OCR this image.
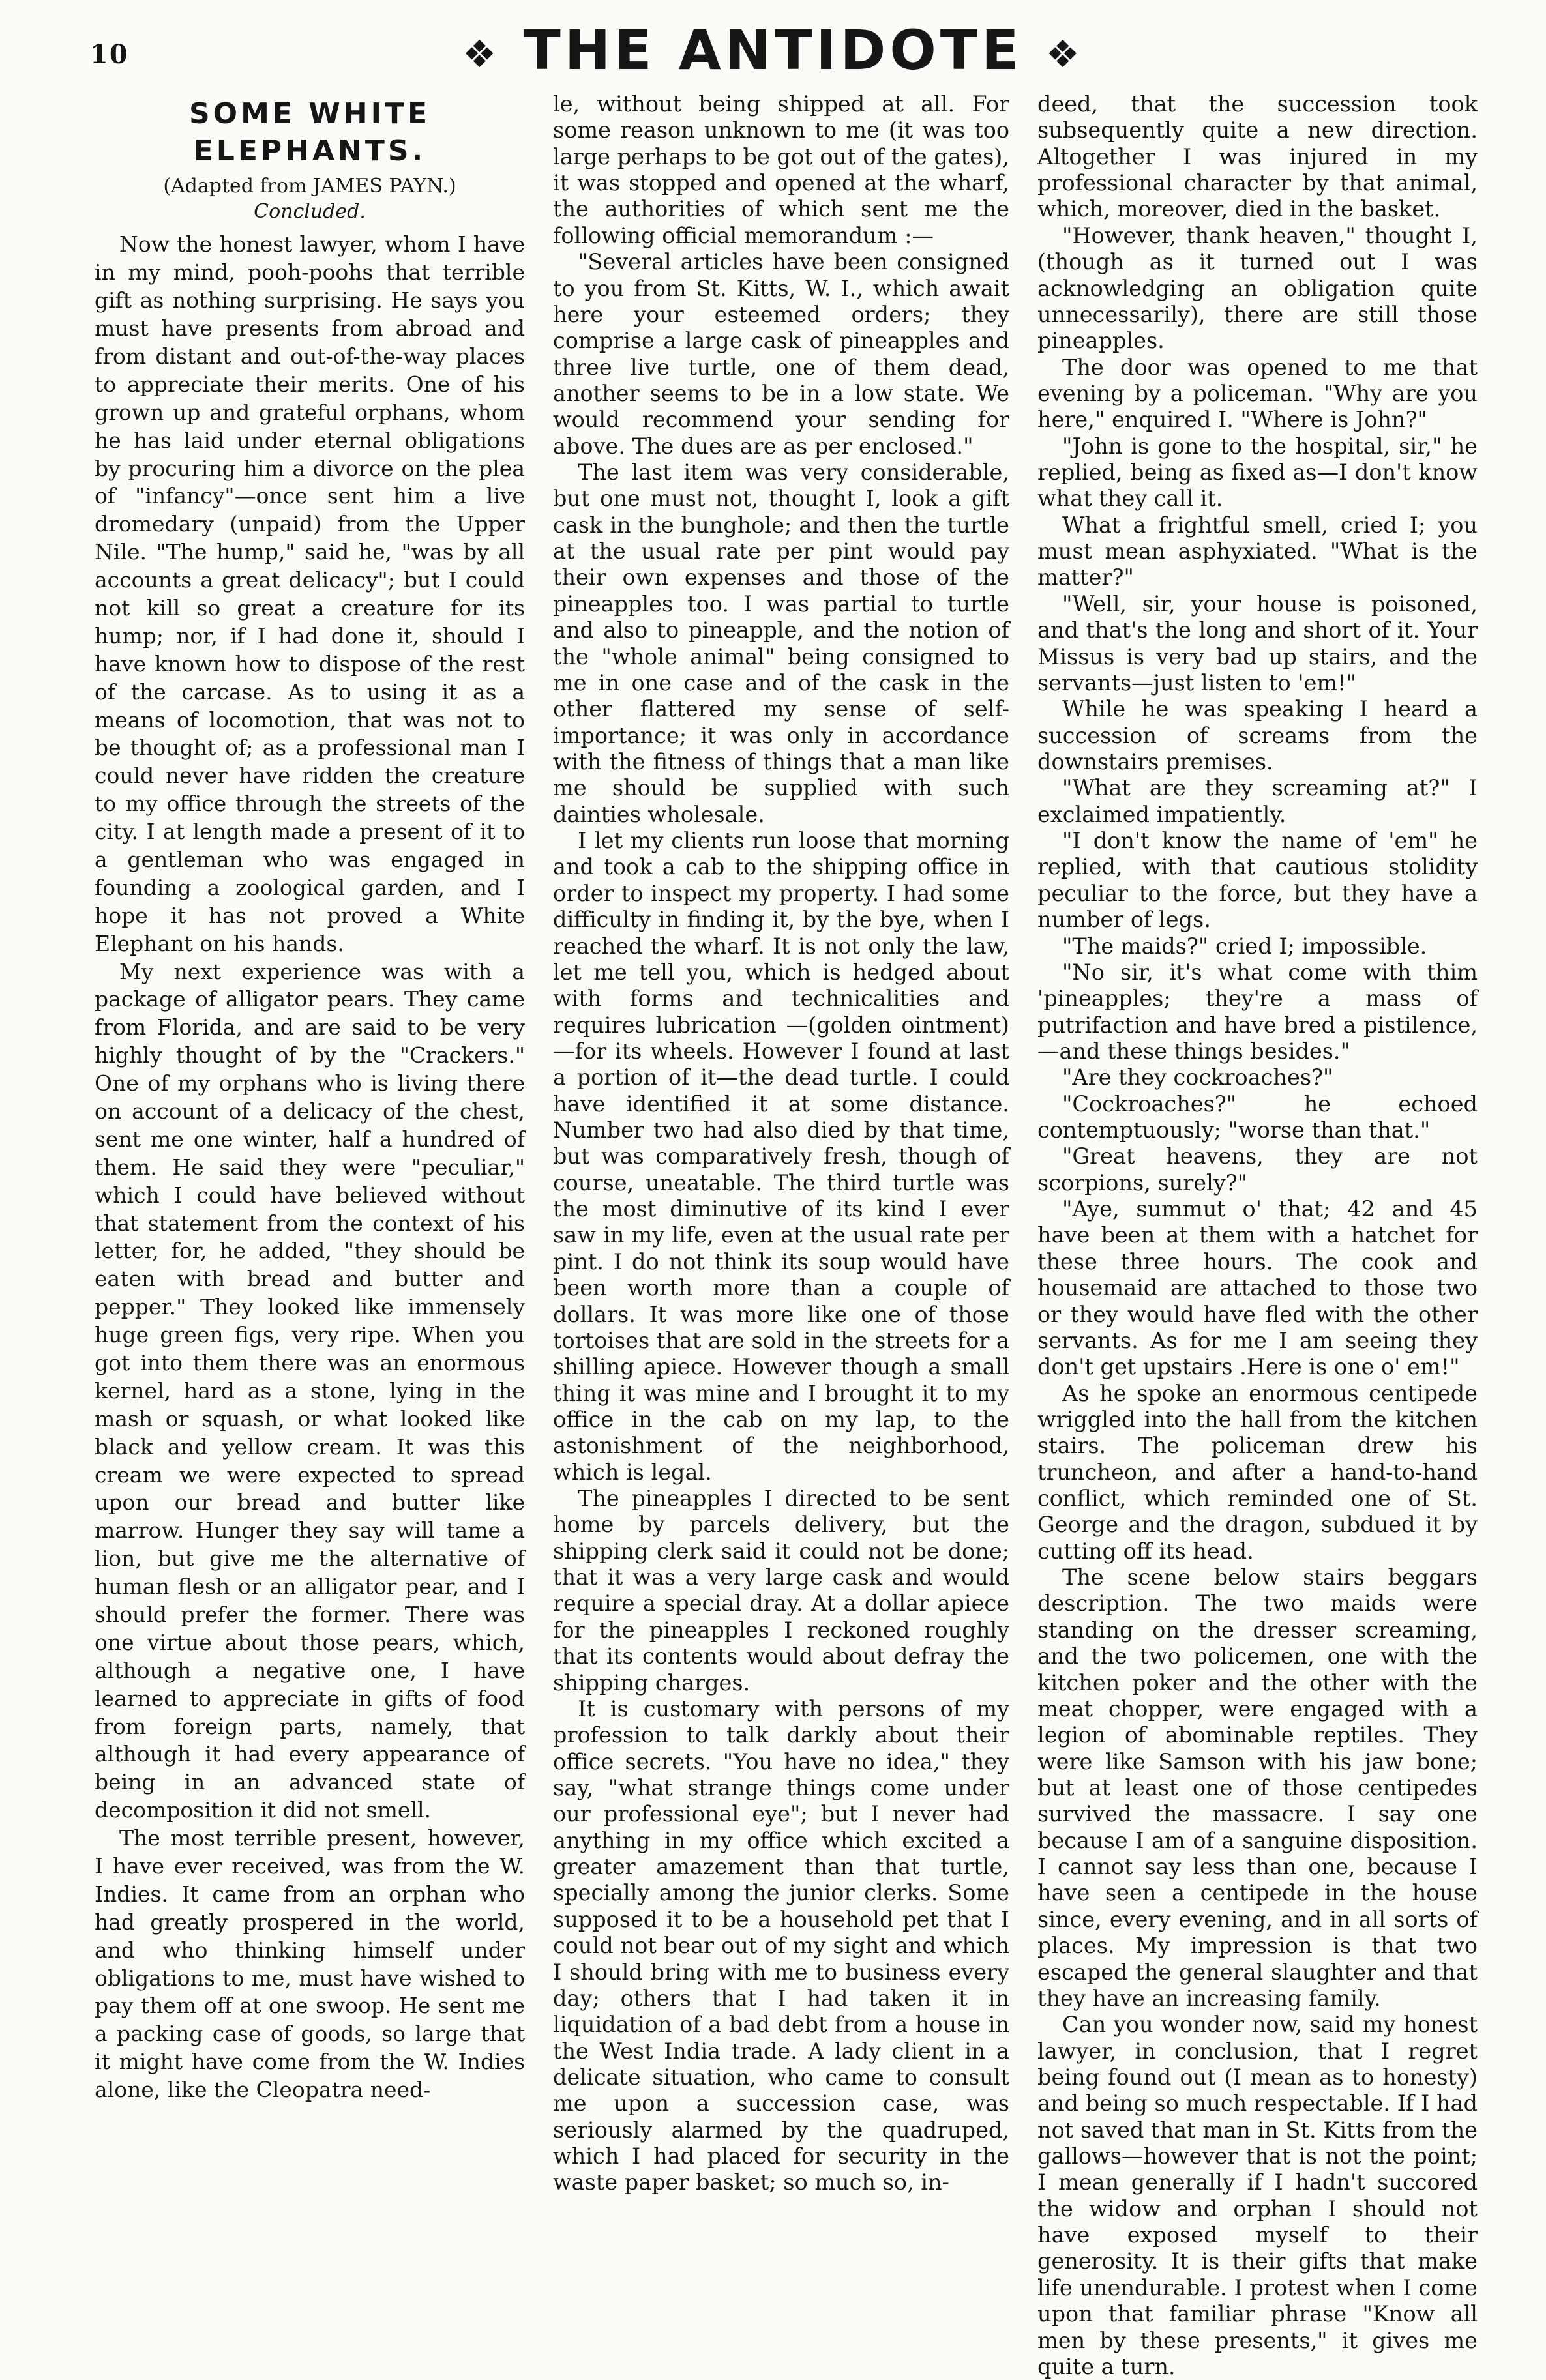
10	❖ THE ANTIDOTE ❖
SOME WHITE ELEPHANTS.
(Adapted from JAMES PAYN.)
Concluded.

Now the honest lawyer, whom I have in my mind, pooh-poohs that terrible gift as nothing surprising. He says you must have presents from abroad and from distant and out-of-the-way places to appreciate their merits. One of his grown up and grateful orphans, whom he has laid under eternal obligations by procuring him a divorce on the plea of "infancy"—once sent him a live dromedary (unpaid) from the Upper Nile. "The hump," said he, "was by all accounts a great delicacy"; but I could not kill so great a creature for its hump; nor, if I had done it, should I have known how to dispose of the rest of the carcase. As to using it as a means of locomotion, that was not to be thought of; as a professional man I could never have ridden the creature to my office through the streets of the city. I at length made a present of it to a gentleman who was engaged in founding a zoological garden, and I hope it has not proved a White Elephant on his hands.

My next experience was with a package of alligator pears. They came from Florida, and are said to be very highly thought of by the "Crackers." One of my orphans who is living there on account of a delicacy of the chest, sent me one winter, half a hundred of them. He said they were "peculiar," which I could have believed without that statement from the context of his letter, for, he added, "they should be eaten with bread and butter and pepper." They looked like immensely huge green figs, very ripe. When you got into them there was an enormous kernel, hard as a stone, lying in the mash or squash, or what looked like black and yellow cream. It was this cream we were expected to spread upon our bread and butter like marrow. Hunger they say will tame a lion, but give me the alternative of human flesh or an alligator pear, and I should prefer the former. There was one virtue about those pears, which, although a negative one, I have learned to appreciate in gifts of food from foreign parts, namely, that although it had every appearance of being in an advanced state of decomposition it did not smell.

The most terrible present, however, I have ever received, was from the W. Indies. It came from an orphan who had greatly prospered in the world, and who thinking himself under obligations to me, must have wished to pay them off at one swoop. He sent me a packing case of goods, so large that it might have come from the W. Indies alone, like the Cleopatra need-

le, without being shipped at all. For some reason unknown to me (it was too large perhaps to be got out of the gates), it was stopped and opened at the wharf, the authorities of which sent me the following official memorandum :—

"Several articles have been consigned to you from St. Kitts, W. I., which await here your esteemed orders; they comprise a large cask of pineapples and three live turtle, one of them dead, another seems to be in a low state. We would recommend your sending for above. The dues are as per enclosed."

The last item was very considerable, but one must not, thought I, look a gift cask in the bunghole; and then the turtle at the usual rate per pint would pay their own expenses and those of the pineapples too. I was partial to turtle and also to pineapple, and the notion of the "whole animal" being consigned to me in one case and of the cask in the other flattered my sense of self-importance; it was only in accordance with the fitness of things that a man like me should be supplied with such dainties wholesale.

I let my clients run loose that morning and took a cab to the shipping office in order to inspect my property. I had some difficulty in finding it, by the bye, when I reached the wharf. It is not only the law, let me tell you, which is hedged about with forms and technicalities and requires lubrication —(golden ointment)—for its wheels. However I found at last a portion of it—the dead turtle. I could have identified it at some distance. Number two had also died by that time, but was comparatively fresh, though of course, uneatable. The third turtle was the most diminutive of its kind I ever saw in my life, even at the usual rate per pint. I do not think its soup would have been worth more than a couple of dollars. It was more like one of those tortoises that are sold in the streets for a shilling apiece. However though a small thing it was mine and I brought it to my office in the cab on my lap, to the astonishment of the neighborhood, which is legal.

The pineapples I directed to be sent home by parcels delivery, but the shipping clerk said it could not be done; that it was a very large cask and would require a special dray. At a dollar apiece for the pineapples I reckoned roughly that its contents would about defray the shipping charges.

It is customary with persons of my profession to talk darkly about their office secrets. "You have no idea," they say, "what strange things come under our professional eye"; but I never had anything in my office which excited a greater amazement than that turtle, specially among the junior clerks. Some supposed it to be a household pet that I could not bear out of my sight and which I should bring with me to business every day; others that I had taken it in liquidation of a bad debt from a house in the West India trade. A lady client in a delicate situation, who came to consult me upon a succession case, was seriously alarmed by the quadruped, which I had placed for security in the waste paper basket; so much so, in-

deed, that the succession took subsequently quite a new direction. Altogether I was injured in my professional character by that animal, which, moreover, died in the basket.

"However, thank heaven," thought I, (though as it turned out I was acknowledging an obligation quite unnecessarily), there are still those pineapples.

The door was opened to me that evening by a policeman. "Why are you here," enquired I. "Where is John?"

"John is gone to the hospital, sir," he replied, being as fixed as—I don't know what they call it.

What a frightful smell, cried I; you must mean asphyxiated. "What is the matter?"

"Well, sir, your house is poisoned, and that's the long and short of it. Your Missus is very bad up stairs, and the servants—just listen to 'em!"

While he was speaking I heard a succession of screams from the downstairs premises.

"What are they screaming at?" I exclaimed impatiently.

"I don't know the name of 'em" he replied, with that cautious stolidity peculiar to the force, but they have a number of legs.

"The maids?" cried I; impossible.

"No sir, it's what come with thim 'pineapples; they're a mass of putrifaction and have bred a pistilence,—and these things besides."

"Are they cockroaches?"

"Cockroaches?" he echoed contemptuously; "worse than that."

"Great heavens, they are not scorpions, surely?"

"Aye, summut o' that; 42 and 45 have been at them with a hatchet for these three hours. The cook and housemaid are attached to those two or they would have fled with the other servants. As for me I am seeing they don't get upstairs .Here is one o' em!"

As he spoke an enormous centipede wriggled into the hall from the kitchen stairs. The policeman drew his truncheon, and after a hand-to-hand conflict, which reminded one of St. George and the dragon, subdued it by cutting off its head.

The scene below stairs beggars description. The two maids were standing on the dresser screaming, and the two policemen, one with the kitchen poker and the other with the meat chopper, were engaged with a legion of abominable reptiles. They were like Samson with his jaw bone; but at least one of those centipedes survived the massacre. I say one because I am of a sanguine disposition. I cannot say less than one, because I have seen a centipede in the house since, every evening, and in all sorts of places. My impression is that two escaped the general slaughter and that they have an increasing family.

Can you wonder now, said my honest lawyer, in conclusion, that I regret being found out (I mean as to honesty) and being so much respectable. If I had not saved that man in St. Kitts from the gallows—however that is not the point; I mean generally if I hadn't succored the widow and orphan I should not have exposed myself to their generosity. It is their gifts that make life unendurable. I protest when I come upon that familiar phrase "Know all men by these presents," it gives me quite a turn.
